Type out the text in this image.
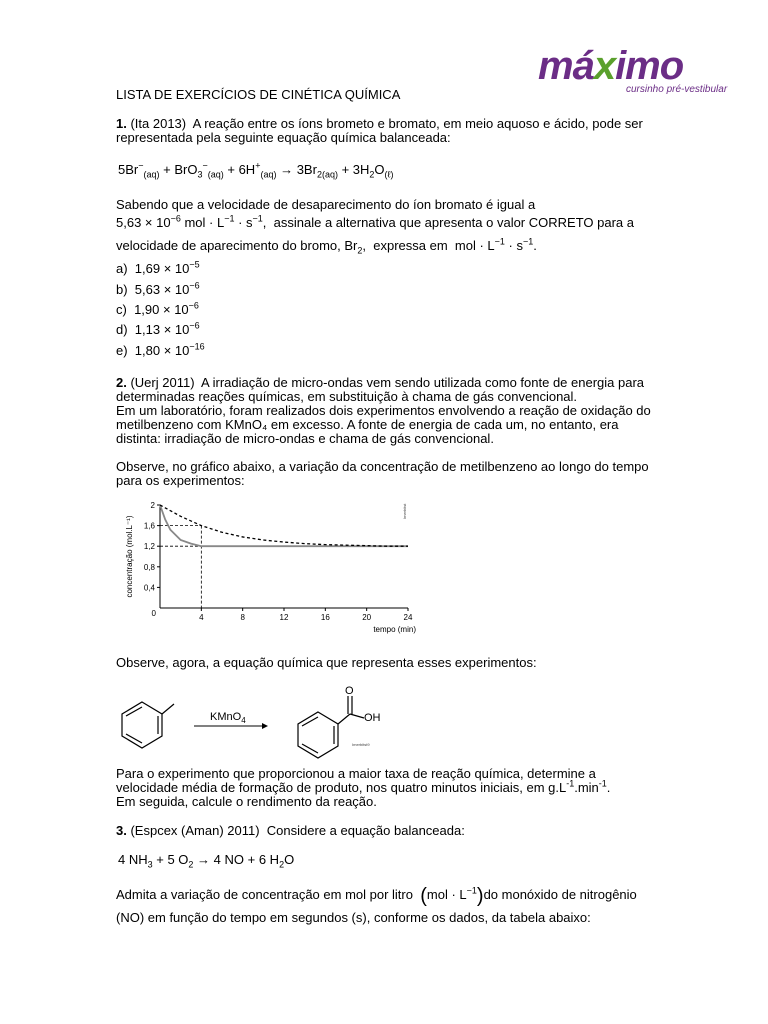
máximo
cursinho pré-vestibular
LISTA DE EXERCÍCIOS DE CINÉTICA QUÍMICA
1. (Ita 2013) A reação entre os íons brometo e bromato, em meio aquoso e ácido, pode ser
representada pela seguinte equação química balanceada:
$5Br^-_{(aq)} + BrO_3^-_{(aq)} + 6H^+_{(aq)} \to 3Br_{2(aq)} + 3H_2O_{(\ell)}$
Sabendo que a velocidade de desaparecimento do íon bromato é igual a
$5,63 \times 10^{-6}$ mol · $L^{-1} \cdot s^{-1}$, assinale a alternativa que apresenta o valor CORRETO para a
velocidade de aparecimento do bromo, $Br_2$, expressa em mol · $L^{-1} \cdot s^{-1}$.
a) $1,69 \times 10^{-5}$
b) $5,63 \times 10^{-6}$
c) $1,90 \times 10^{-6}$
d) $1,13 \times 10^{-6}$
e) $1,80 \times 10^{-16}$
2. (Uerj 2011) A irradiação de micro-ondas vem sendo utilizada como fonte de energia para
determinadas reações químicas, em substituição à chama de gás convencional.
Em um laboratório, foram realizados dois experimentos envolvendo a reação de oxidação do
metilbenzeno com KMnO₄ em excesso. A fonte de energia de cada um, no entanto, era
distinta: irradiação de micro-ondas e chama de gás convencional.
Observe, no gráfico abaixo, a variação da concentração de metilbenzeno ao longo do tempo
para os experimentos:
0	4	8	12	16	20	24
0,4
0,8
1,2
1,6
2
tempo (min)
concentração (mol.L⁻¹)
Imerbitst
Observe, agora, a equação química que representa esses experimentos:
KMnO$_4$
O
OH
Imerbitst9
Para o experimento que proporcionou a maior taxa de reação química, determine a
velocidade média de formação de produto, nos quatro minutos iniciais, em $g.L^{-1}.\min^{-1}$.
Em seguida, calcule o rendimento da reação.
3. (Espcex (Aman) 2011) Considere a equação balanceada:
4 $NH_3 + 5$ $O_2 \to 4$ NO + 6 $H_2O$
Admita a variação de concentração em mol por litro $(mol \cdot L^{-1})do$ monóxido de nitrogênio
(NO) em função do tempo em segundos (s), conforme os dados, da tabela abaixo:
